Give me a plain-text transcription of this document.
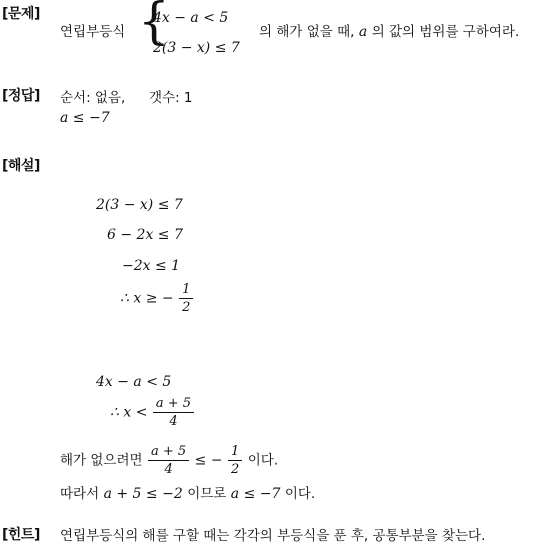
[문제]
연립부등식 {
4x − a < 5
2(3 − x) ≤ 7
의 해가 없을 때, a 의 값의 범위를 구하여라.
[정답] 순서: 없음, 갯수: 1
a ≤ −7
[해설]
2(3 − x) ≤ 7
6 − 2x ≤ 7
−2x ≤ 1
∴ x ≥ − $\frac{1}{2}$
4x − a < 5
∴ $x < \frac{a + 5}{4}$
해가 없으려면 $\frac{a + 5}{4}$ ≤ − $\frac{1}{2}$ 이다.
따라서 a + 5 ≤ −2 이므로 a ≤ −7 이다.
[힌트] 연립부등식의 해를 구할 때는 각각의 부등식을 푼 후, 공통부분을 찾는다.
